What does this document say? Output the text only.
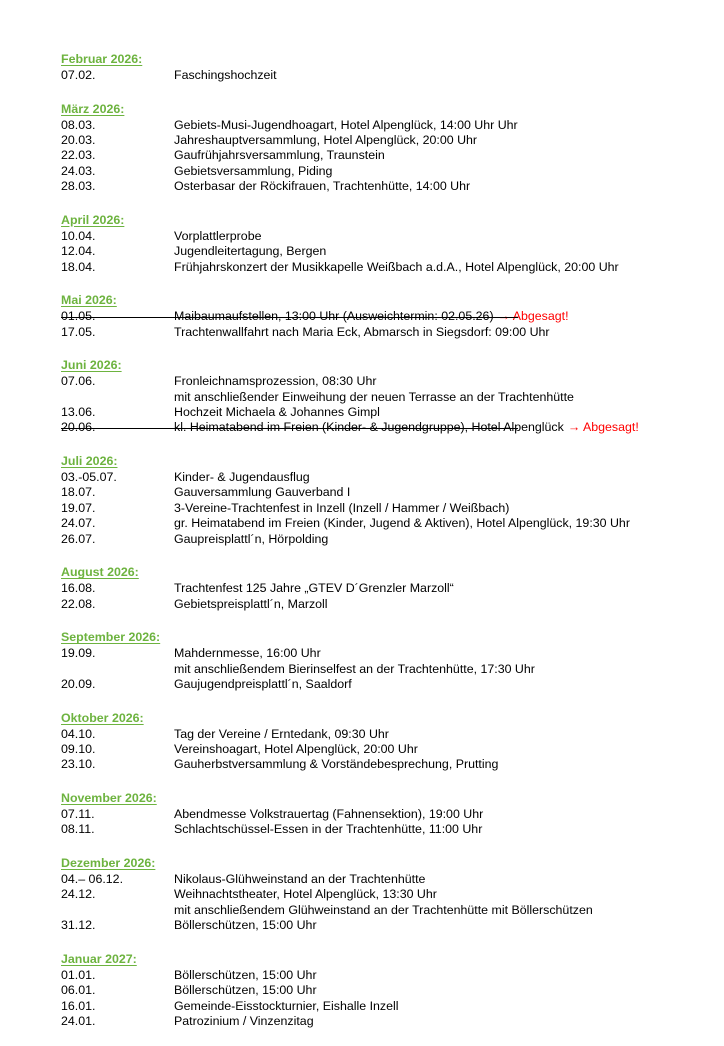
Februar 2026:
07.02.	Faschingshochzeit
März 2026:
08.03.	Gebiets-Musi-Jugendhoagart, Hotel Alpenglück, 14:00 Uhr Uhr
20.03.	Jahreshauptversammlung, Hotel Alpenglück, 20:00 Uhr
22.03.	Gaufrühjahrsversammlung, Traunstein
24.03.	Gebietsversammlung, Piding
28.03.	Osterbasar der Röckifrauen, Trachtenhütte, 14:00 Uhr
April 2026:
10.04.	Vorplattlerprobe
12.04.	Jugendleitertagung, Bergen
18.04.	Frühjahrskonzert der Musikkapelle Weißbach a.d.A., Hotel Alpenglück, 20:00 Uhr
Mai 2026:
01.05.	Maibaumaufstellen, 13:00 Uhr (Ausweichtermin: 02.05.26) → Abgesagt!
17.05.	Trachtenwallfahrt nach Maria Eck, Abmarsch in Siegsdorf: 09:00 Uhr
Juni 2026:
07.06.	Fronleichnamsprozession, 08:30 Uhr
mit anschließender Einweihung der neuen Terrasse an der Trachtenhütte
13.06.	Hochzeit Michaela & Johannes Gimpl
20.06.	kl. Heimatabend im Freien (Kinder- & Jugendgruppe), Hotel Alpenglück → Abgesagt!
Juli 2026:
03.-05.07.	Kinder- & Jugendausflug
18.07.	Gauversammlung Gauverband I
19.07.	3-Vereine-Trachtenfest in Inzell (Inzell / Hammer / Weißbach)
24.07.	gr. Heimatabend im Freien (Kinder, Jugend & Aktiven), Hotel Alpenglück, 19:30 Uhr
26.07.	Gaupreisplattl´n, Hörpolding
August 2026:
16.08.	Trachtenfest 125 Jahre „GTEV D´Grenzler Marzoll“
22.08.	Gebietspreisplattl´n, Marzoll
September 2026:
19.09.	Mahdernmesse, 16:00 Uhr
mit anschließendem Bierinselfest an der Trachtenhütte, 17:30 Uhr
20.09.	Gaujugendpreisplattl´n, Saaldorf
Oktober 2026:
04.10.	Tag der Vereine / Erntedank, 09:30 Uhr
09.10.	Vereinshoagart, Hotel Alpenglück, 20:00 Uhr
23.10.	Gauherbstversammlung & Vorständebesprechung, Prutting
November 2026:
07.11.	Abendmesse Volkstrauertag (Fahnensektion), 19:00 Uhr
08.11.	Schlachtschüssel-Essen in der Trachtenhütte, 11:00 Uhr
Dezember 2026:
04.– 06.12.	Nikolaus-Glühweinstand an der Trachtenhütte
24.12.	Weihnachtstheater, Hotel Alpenglück, 13:30 Uhr
mit anschließendem Glühweinstand an der Trachtenhütte mit Böllerschützen
31.12.	Böllerschützen, 15:00 Uhr
Januar 2027:
01.01.	Böllerschützen, 15:00 Uhr
06.01.	Böllerschützen, 15:00 Uhr
16.01.	Gemeinde-Eisstockturnier, Eishalle Inzell
24.01.	Patrozinium / Vinzenzitag
